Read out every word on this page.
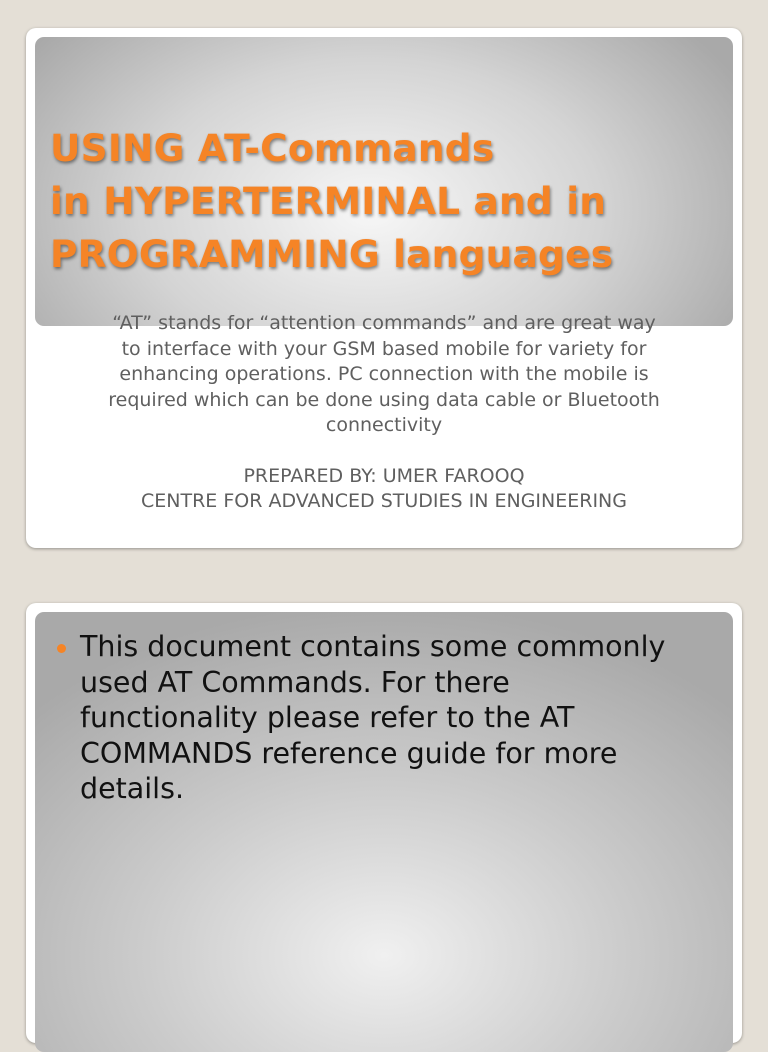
USING AT-Commands
in HYPERTERMINAL and in
PROGRAMMING languages

“AT” stands for “attention commands” and are great way

to interface with your GSM based mobile for variety for

enhancing operations. PC connection with the mobile is

required which can be done using data cable or Bluetooth

connectivity

PREPARED BY: UMER FAROOQ

CENTRE FOR ADVANCED STUDIES IN ENGINEERING

This document contains some commonly
used AT Commands. For there
functionality please refer to the AT
COMMANDS reference guide for more
details.
